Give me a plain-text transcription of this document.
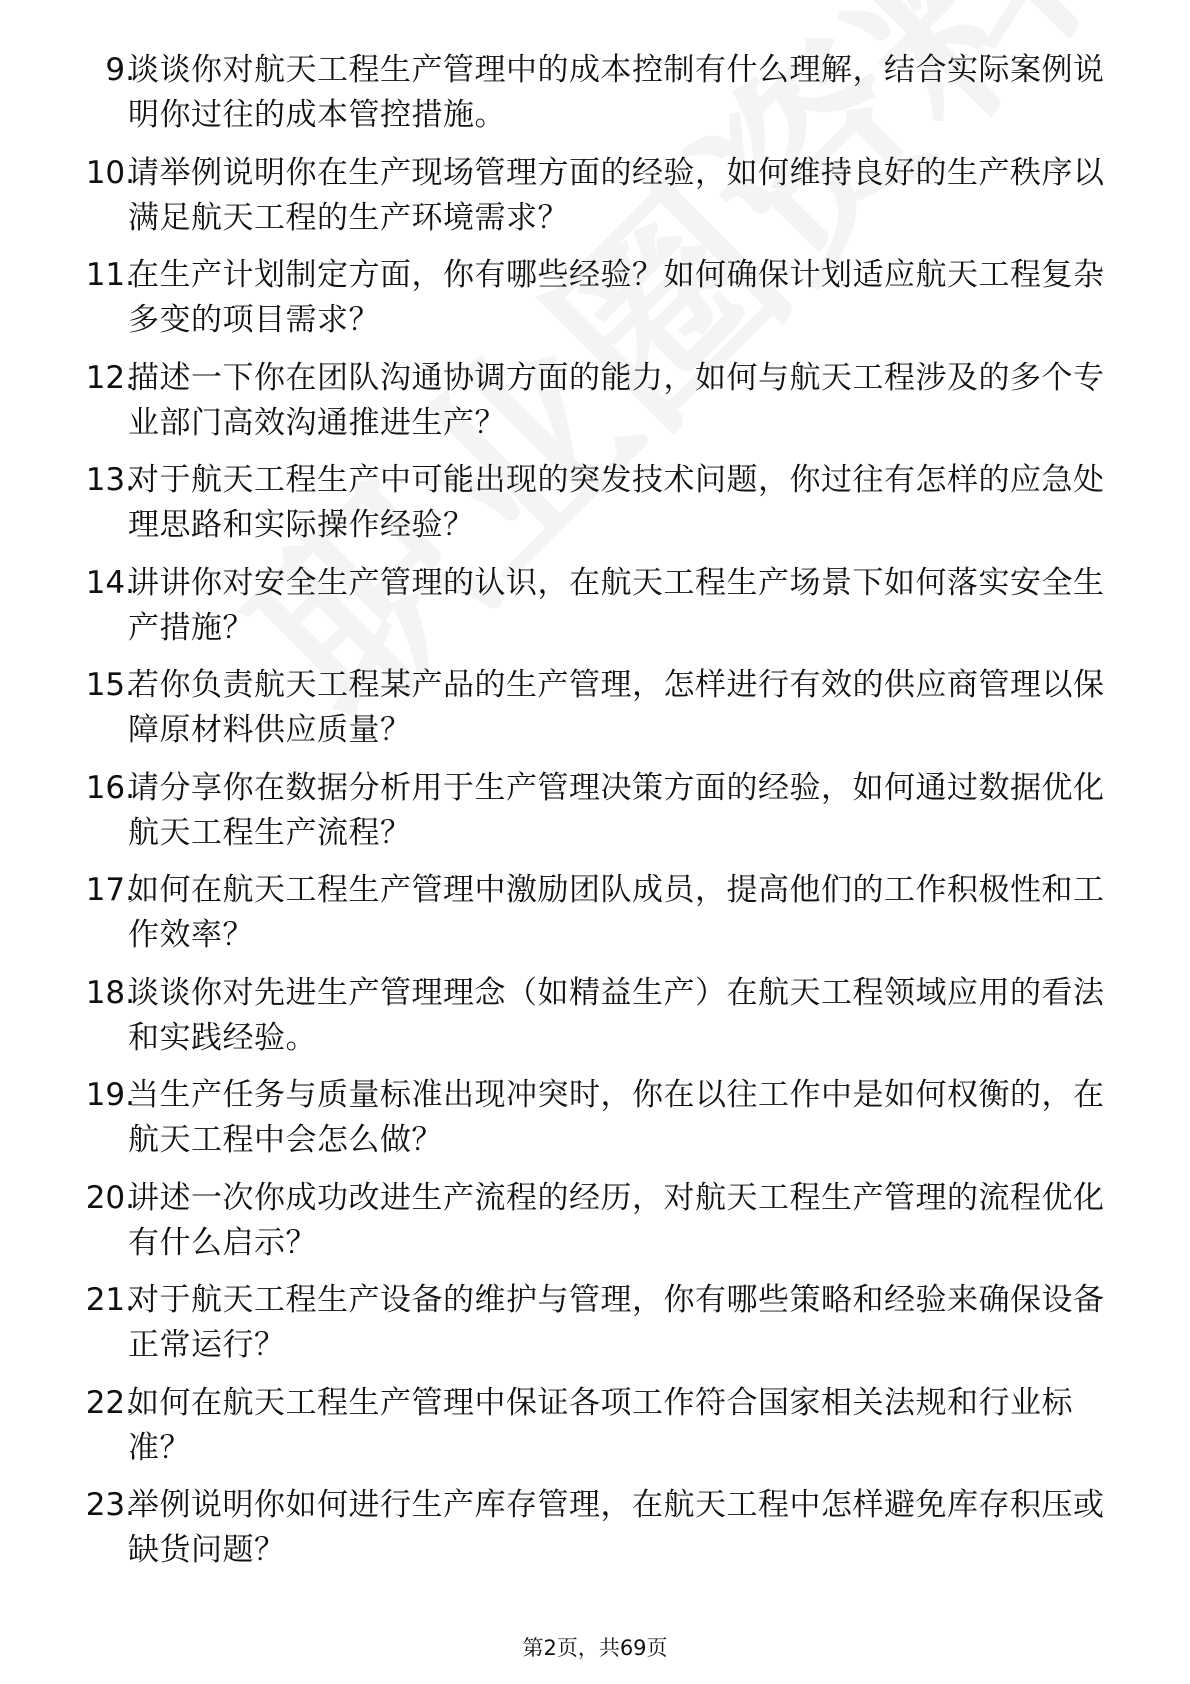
9.
谈谈你对航天工程生产管理中的成本控制有什么理解，结合实际案例说明你过往的成本管控措施。
10.
请举例说明你在生产现场管理方面的经验，如何维持良好的生产秩序以满足航天工程的生产环境需求？
11.
在生产计划制定方面，你有哪些经验？如何确保计划适应航天工程复杂多变的项目需求？
12.
描述一下你在团队沟通协调方面的能力，如何与航天工程涉及的多个专业部门高效沟通推进生产？
13.
对于航天工程生产中可能出现的突发技术问题，你过往有怎样的应急处理思路和实际操作经验？
14.
讲讲你对安全生产管理的认识，在航天工程生产场景下如何落实安全生产措施？
15.
若你负责航天工程某产品的生产管理，怎样进行有效的供应商管理以保障原材料供应质量？
16.
请分享你在数据分析用于生产管理决策方面的经验，如何通过数据优化航天工程生产流程？
17.
如何在航天工程生产管理中激励团队成员，提高他们的工作积极性和工作效率？
18.
谈谈你对先进生产管理理念（如精益生产）在航天工程领域应用的看法和实践经验。
19.
当生产任务与质量标准出现冲突时，你在以往工作中是如何权衡的，在航天工程中会怎么做？
20.
讲述一次你成功改进生产流程的经历，对航天工程生产管理的流程优化有什么启示？
21.
对于航天工程生产设备的维护与管理，你有哪些策略和经验来确保设备正常运行？
22.
如何在航天工程生产管理中保证各项工作符合国家相关法规和行业标准？
23.
举例说明你如何进行生产库存管理，在航天工程中怎样避免库存积压或缺货问题？
第2页，共69页
